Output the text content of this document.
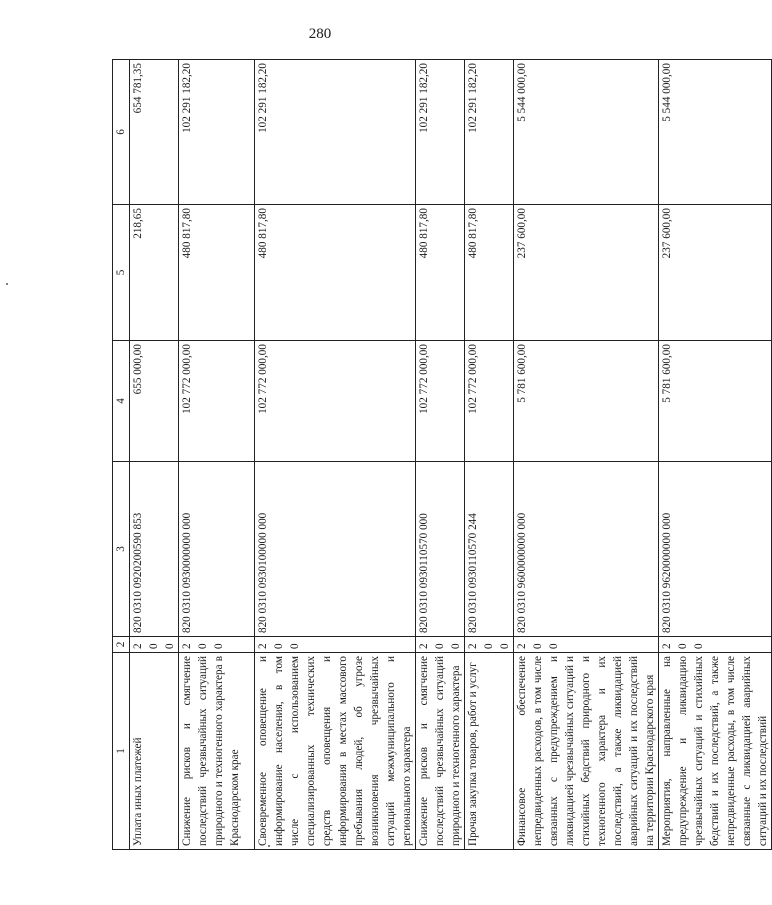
280
1	2	3	4	5	6
Уплата иных платежей	200	820 0310 0920200590 853	655 000,00	218,65	654 781,35
Снижение рисков и смягчение последствий чрезвычайных ситуаций природного и техногенного характера в Краснодарском крае	200	820 0310 0930000000 000	102 772 000,00	480 817,80	102 291 182,20
Своевременное оповещение и информирование населения, в том числе с использованием специализированных технических средств оповещения и информирования в местах массового пребывания людей, об угрозе возникновения чрезвычайных ситуаций межмуниципального и регионального характера	200	820 0310 0930100000 000	102 772 000,00	480 817,80	102 291 182,20
Снижение рисков и смягчение последствий чрезвычайных ситуаций природного и техногенного характера	200	820 0310 0930110570 000	102 772 000,00	480 817,80	102 291 182,20
Прочая закупка товаров, работ и услуг	200	820 0310 0930110570 244	102 772 000,00	480 817,80	102 291 182,20
Финансовое обеспечение непредвиденных расходов, в том числе связанных с предупреждением и ликвидацией чрезвычайных ситуаций и стихийных бедствий природного и техногенного характера и их последствий, а также ликвидацией аварийных ситуаций и их последствий на территории Краснодарского края	200	820 0310 9600000000 000	5 781 600,00	237 600,00	5 544 000,00
Мероприятия, направленные на предупреждение и ликвидацию чрезвычайных ситуаций и стихийных бедствий и их последствий, а также непредвиденные расходы, в том числе связанные с ликвидацией аварийных ситуаций и их последствий	200	820 0310 9620000000 000	5 781 600,00	237 600,00	5 544 000,00
